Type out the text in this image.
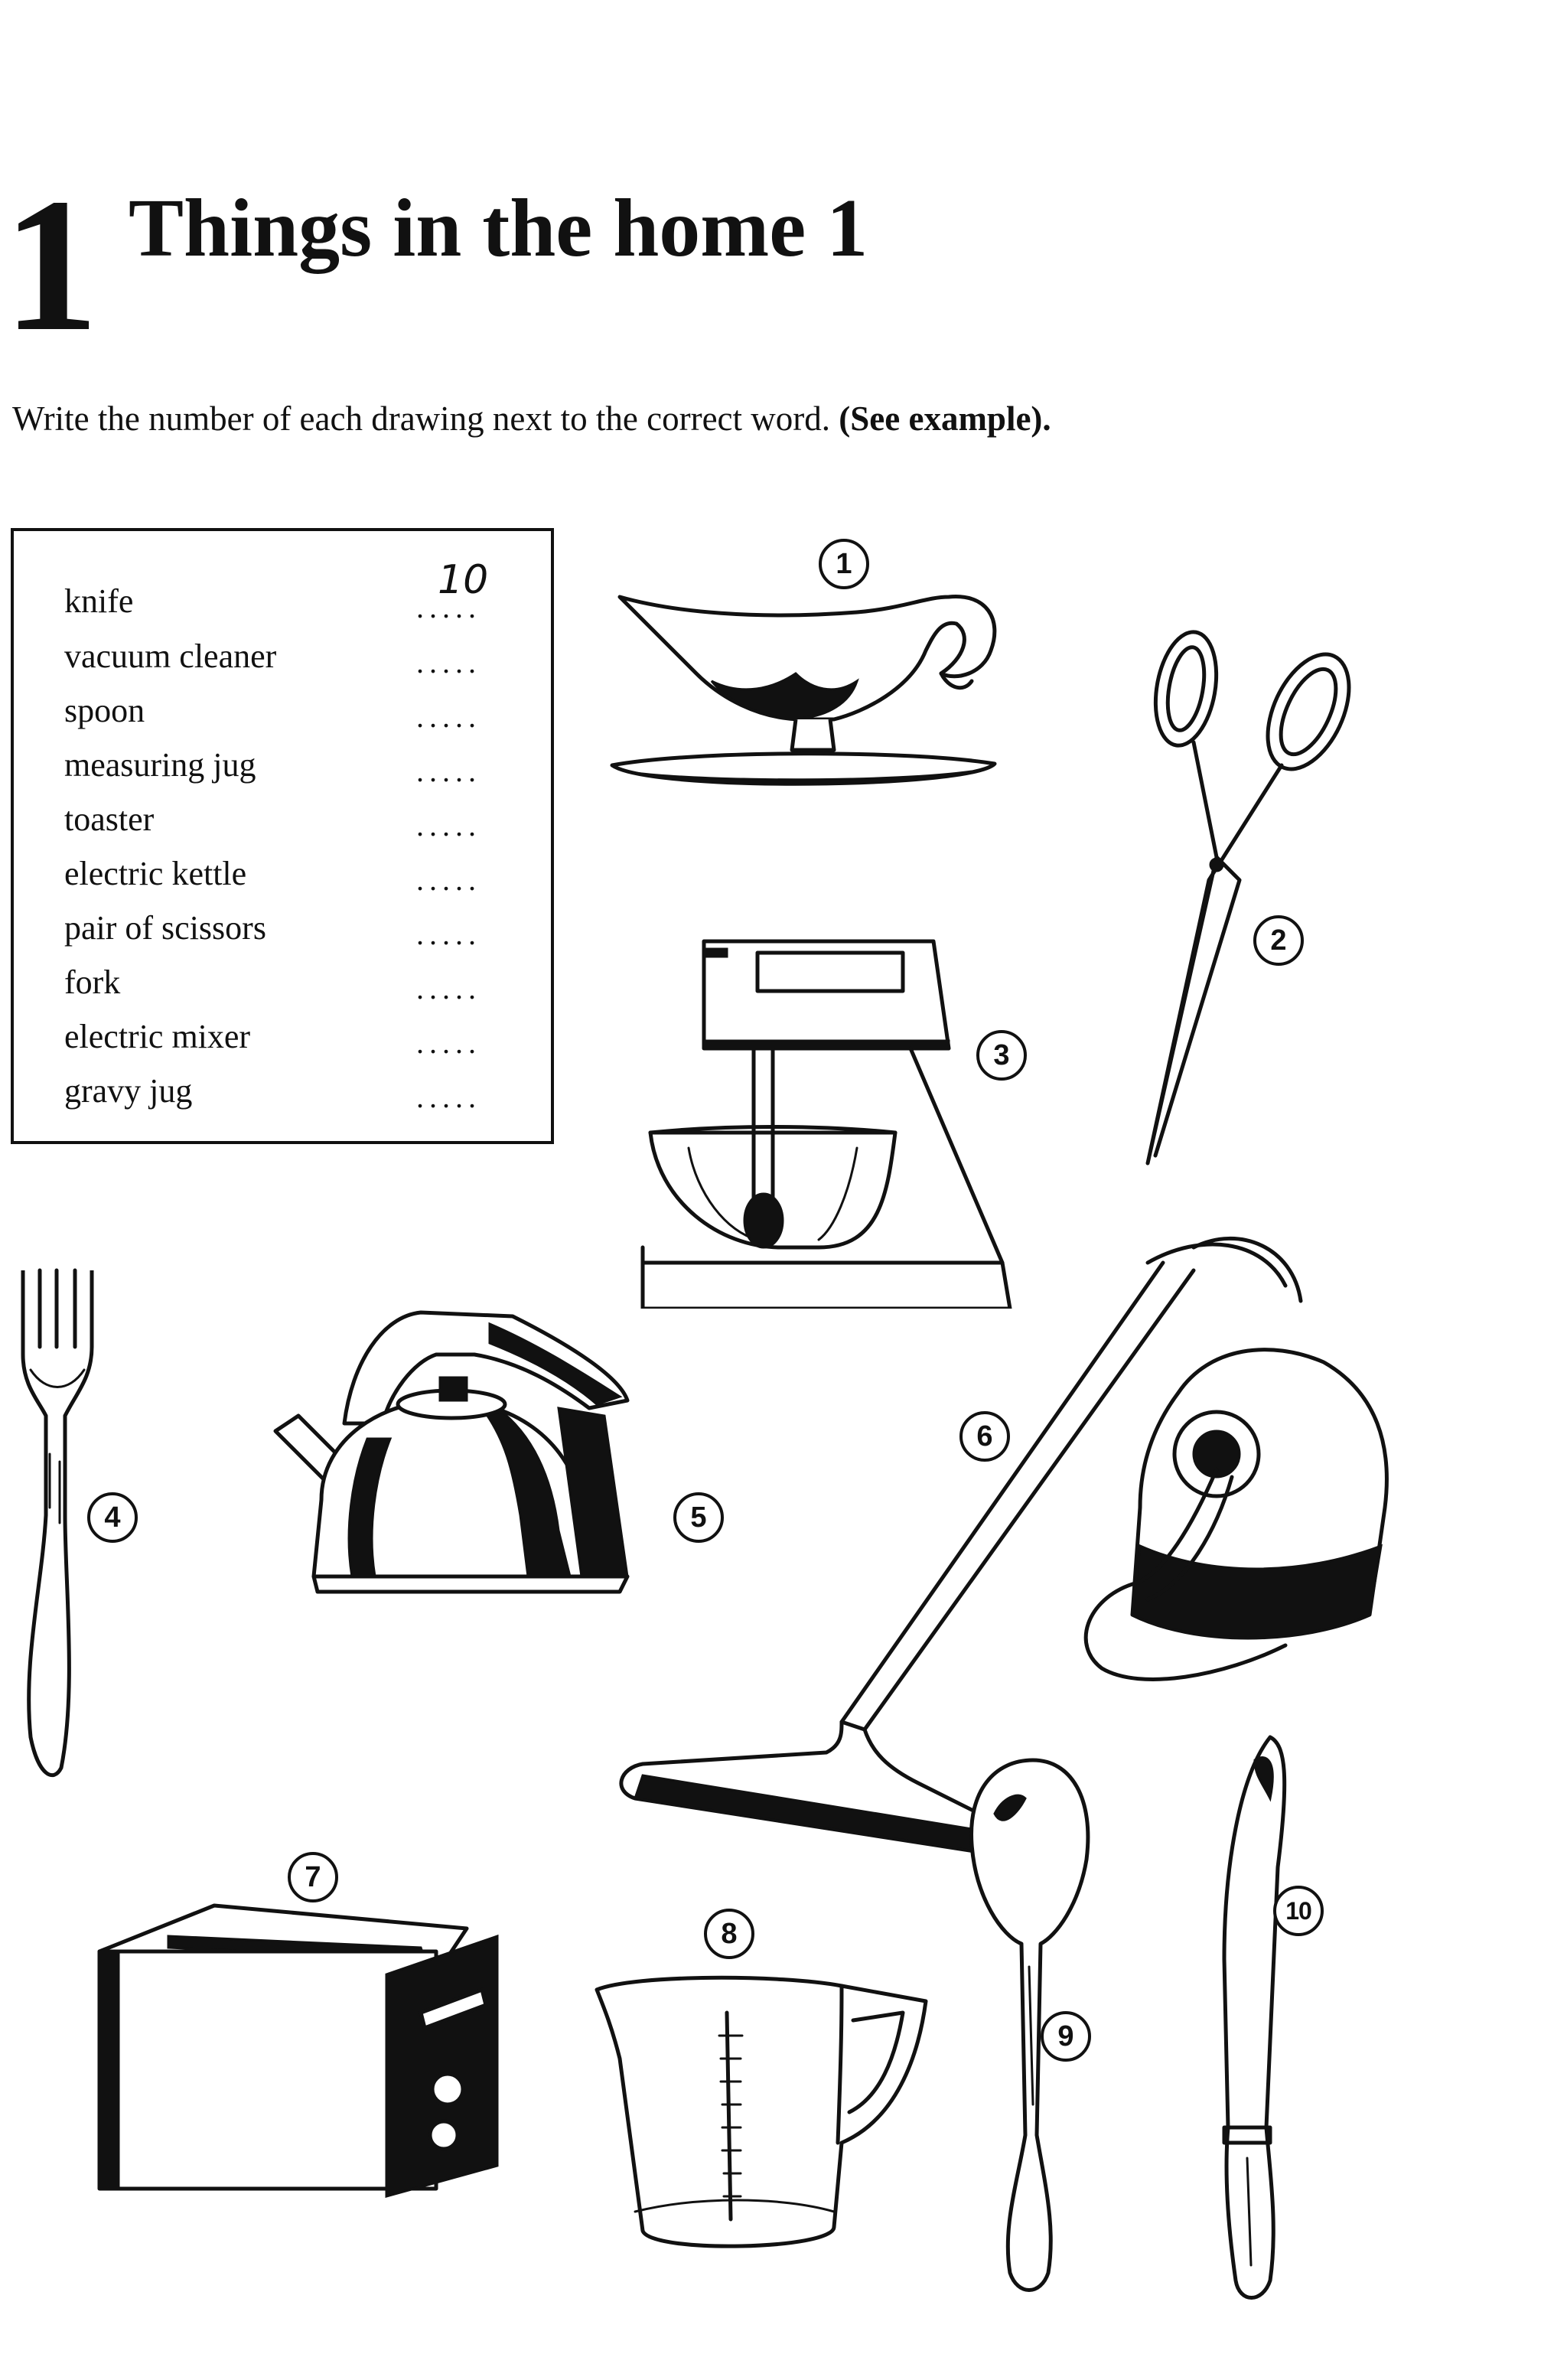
1 Things in the home 1
Write the number of each drawing next to the correct word. (See example).
knife	.....
10
vacuum cleaner	.....
spoon	.....
measuring jug	.....
toaster	.....
electric kettle	.....
pair of scissors	.....
fork	.....
electric mixer	.....
gravy jug	.....
1
2
3
4	5
6
7
8
9
10
